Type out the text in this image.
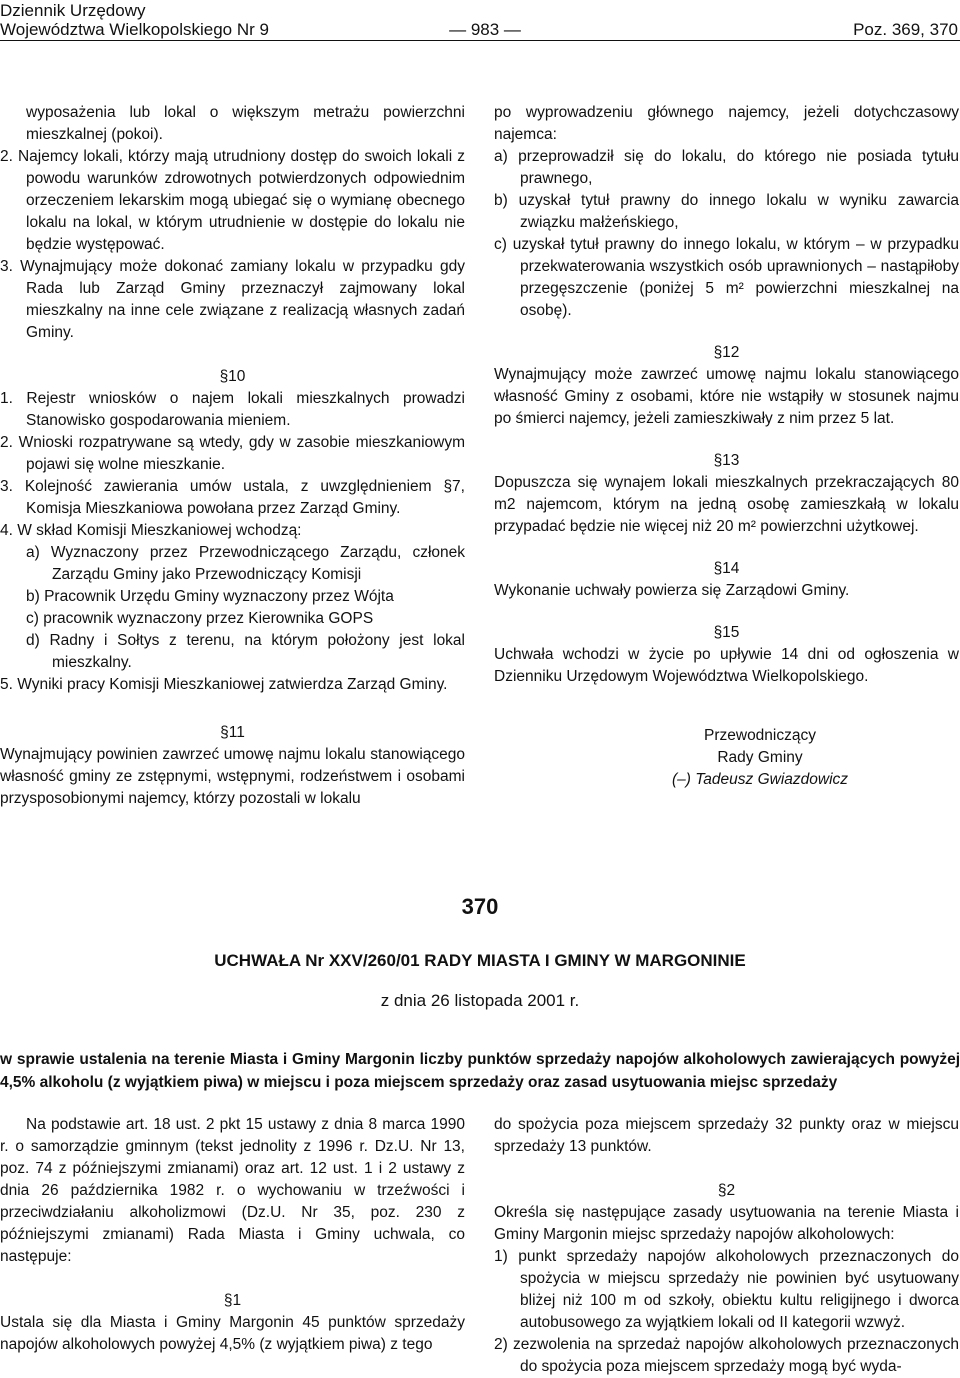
Dziennik Urzędowy
Województwa Wielkopolskiego Nr 9	— 983 —	Poz. 369, 370

wyposażenia lub lokal o większym metrażu powierzchni mieszkalnej (pokoi).

2. Najemcy lokali, którzy mają utrudniony dostęp do swoich lokali z powodu warunków zdrowotnych potwierdzonych odpowiednim orzeczeniem lekarskim mogą ubiegać się o wymianę obecnego lokalu na lokal, w którym utrudnienie w dostępie do lokalu nie będzie występować.

3. Wynajmujący może dokonać zamiany lokalu w przypadku gdy Rada lub Zarząd Gminy przeznaczył zajmowany lokal mieszkalny na inne cele związane z realizacją własnych zadań Gminy.

§10

1. Rejestr wniosków o najem lokali mieszkalnych prowadzi Stanowisko gospodarowania mieniem.

2. Wnioski rozpatrywane są wtedy, gdy w zasobie mieszkaniowym pojawi się wolne mieszkanie.

3. Kolejność zawierania umów ustala, z uwzględnieniem §7, Komisja Mieszkaniowa powołana przez Zarząd Gminy.

4. W skład Komisji Mieszkaniowej wchodzą:

a) Wyznaczony przez Przewodniczącego Zarządu, członek Zarządu Gminy jako Przewodniczący Komisji

b) Pracownik Urzędu Gminy wyznaczony przez Wójta

c) pracownik wyznaczony przez Kierownika GOPS

d) Radny i Sołtys z terenu, na którym położony jest lokal mieszkalny.

5. Wyniki pracy Komisji Mieszkaniowej zatwierdza Zarząd Gminy.

§11

Wynajmujący powinien zawrzeć umowę najmu lokalu stanowiącego własność gminy ze zstępnymi, wstępnymi, rodzeństwem i osobami przysposobionymi najemcy, którzy pozostali w lokalu

po wyprowadzeniu głównego najemcy, jeżeli dotychczasowy najemca:

a) przeprowadził się do lokalu, do którego nie posiada tytułu prawnego,

b) uzyskał tytuł prawny do innego lokalu w wyniku zawarcia związku małżeńskiego,

c) uzyskał tytuł prawny do innego lokalu, w którym – w przypadku przekwaterowania wszystkich osób uprawnionych – nastąpiłoby przegęszczenie (poniżej 5 m² powierzchni mieszkalnej na osobę).

§12

Wynajmujący może zawrzeć umowę najmu lokalu stanowiącego własność Gminy z osobami, które nie wstąpiły w stosunek najmu po śmierci najemcy, jeżeli zamieszkiwały z nim przez 5 lat.

§13

Dopuszcza się wynajem lokali mieszkalnych przekraczających 80 m2 najemcom, którym na jedną osobę zamieszkałą w lokalu przypadać będzie nie więcej niż 20 m² powierzchni użytkowej.

§14

Wykonanie uchwały powierza się Zarządowi Gminy.

§15

Uchwała wchodzi w życie po upływie 14 dni od ogłoszenia w Dzienniku Urzędowym Województwa Wielkopolskiego.

Przewodniczący
Rady Gminy
(–) Tadeusz Gwiazdowicz
370
UCHWAŁA Nr XXV/260/01 RADY MIASTA I GMINY W MARGONINIE
z dnia 26 listopada 2001 r.
w sprawie ustalenia na terenie Miasta i Gminy Margonin liczby punktów sprzedaży napojów alkoholowych zawierających powyżej 4,5% alkoholu (z wyjątkiem piwa) w miejscu i poza miejscem sprzedaży oraz zasad usytuowania miejsc sprzedaży

Na podstawie art. 18 ust. 2 pkt 15 ustawy z dnia 8 marca 1990 r. o samorządzie gminnym (tekst jednolity z 1996 r. Dz.U. Nr 13, poz. 74 z późniejszymi zmianami) oraz art. 12 ust. 1 i 2 ustawy z dnia 26 października 1982 r. o wychowaniu w trzeźwości i przeciwdziałaniu alkoholizmowi (Dz.U. Nr 35, poz. 230 z późniejszymi zmianami) Rada Miasta i Gminy uchwala, co następuje:

§1

Ustala się dla Miasta i Gminy Margonin 45 punktów sprzedaży napojów alkoholowych powyżej 4,5% (z wyjątkiem piwa) z tego

do spożycia poza miejscem sprzedaży 32 punkty oraz w miejscu sprzedaży 13 punktów.

§2

Określa się następujące zasady usytuowania na terenie Miasta i Gminy Margonin miejsc sprzedaży napojów alkoholowych:

1) punkt sprzedaży napojów alkoholowych przeznaczonych do spożycia w miejscu sprzedaży nie powinien być usytuowany bliżej niż 100 m od szkoły, obiektu kultu religijnego i dworca autobusowego za wyjątkiem lokali od II kategorii wzwyż.

2) zezwolenia na sprzedaż napojów alkoholowych przeznaczonych do spożycia poza miejscem sprzedaży mogą być wyda-
